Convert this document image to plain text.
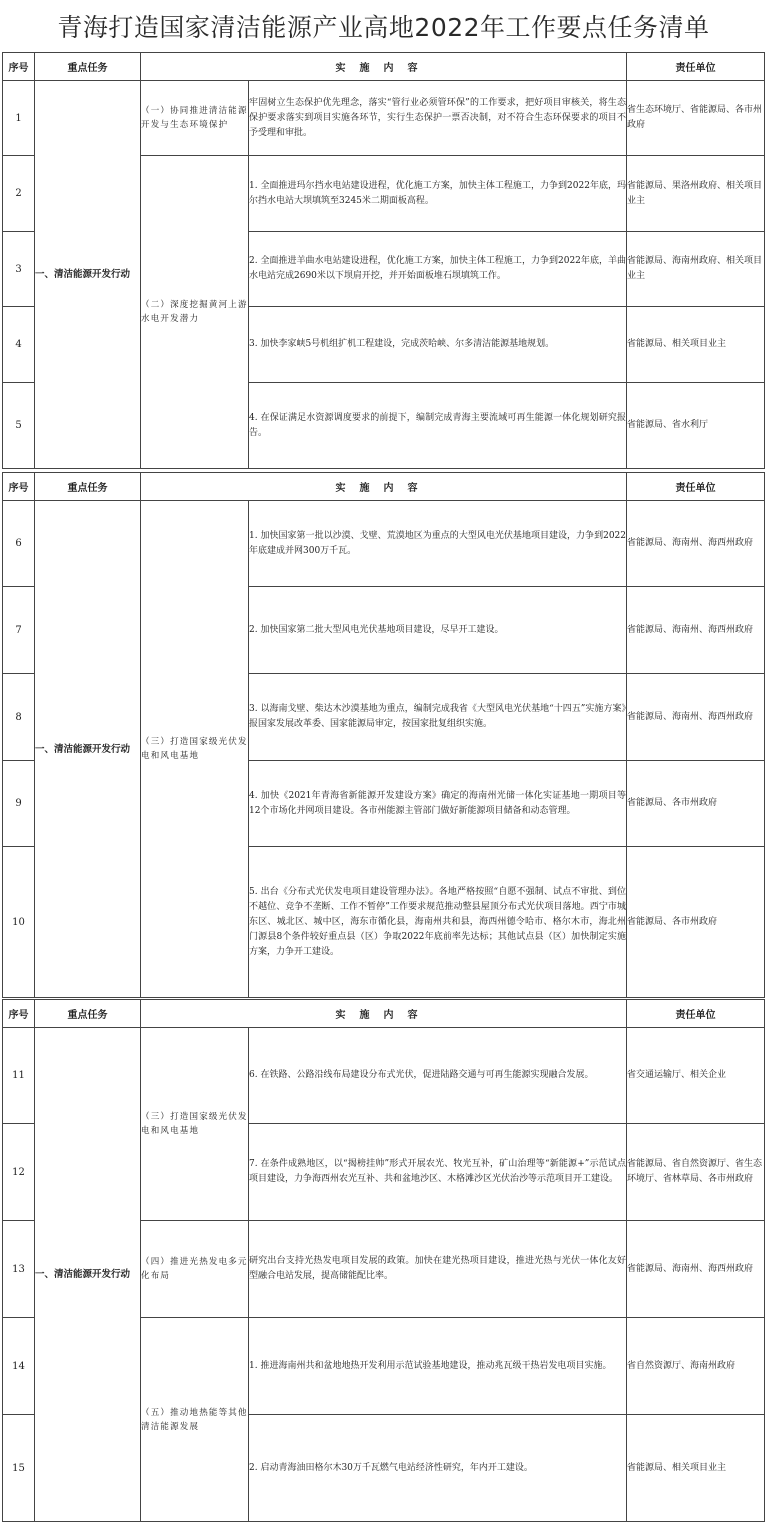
青海打造国家清洁能源产业高地2022年工作要点任务清单
序号	重点任务	实施内容		责任单位
1	一、清洁能源开发行动	（一）协同推进清洁能源开发与生态环境保护	牢固树立生态保护优先理念，落实“管行业必须管环保”的工作要求，把好项目审核关，将生态保护要求落实到项目实施各环节，实行生态保护一票否决制，对不符合生态环保要求的项目不予受理和审批。	省生态环境厅、省能源局、各市州政府
2		（二）深度挖掘黄河上游水电开发潜力	1. 全面推进玛尔挡水电站建设进程，优化施工方案，加快主体工程施工，力争到2022年底，玛尔挡水电站大坝填筑至3245米二期面板高程。	省能源局、果洛州政府、相关项目业主
3			2. 全面推进羊曲水电站建设进程，优化施工方案，加快主体工程施工，力争到2022年底，羊曲水电站完成2690米以下坝肩开挖，并开始面板堆石坝填筑工作。	省能源局、海南州政府、相关项目业主
4			3. 加快李家峡5号机组扩机工程建设，完成茨哈峡、尔多清洁能源基地规划。	省能源局、相关项目业主
5			4. 在保证满足水资源调度要求的前提下，编制完成青海主要流域可再生能源一体化规划研究报告。	省能源局、省水利厅
序号	重点任务	实施内容		责任单位
6	一、清洁能源开发行动	（三）打造国家级光伏发电和风电基地	1. 加快国家第一批以沙漠、戈壁、荒漠地区为重点的大型风电光伏基地项目建设，力争到2022年底建成并网300万千瓦。	省能源局、海南州、海西州政府
7			2. 加快国家第二批大型风电光伏基地项目建设，尽早开工建设。	省能源局、海南州、海西州政府
8			3. 以海南戈壁、柴达木沙漠基地为重点，编制完成我省《大型风电光伏基地“十四五”实施方案》报国家发展改革委、国家能源局审定，按国家批复组织实施。	省能源局、海南州、海西州政府
9			4. 加快《2021年青海省新能源开发建设方案》确定的海南州光储一体化实证基地一期项目等12个市场化并网项目建设。各市州能源主管部门做好新能源项目储备和动态管理。	省能源局、各市州政府
10			5. 出台《分布式光伏发电项目建设管理办法》。各地严格按照“自愿不强制、试点不审批、到位不越位、竞争不垄断、工作不暂停”工作要求规范推动整县屋顶分布式光伏项目落地。西宁市城东区、城北区、城中区，海东市循化县，海南州共和县，海西州德令哈市、格尔木市，海北州门源县8个条件较好重点县（区）争取2022年底前率先达标；其他试点县（区）加快制定实施方案，力争开工建设。	省能源局、各市州政府
序号	重点任务	实施内容		责任单位
11	一、清洁能源开发行动	（三）打造国家级光伏发电和风电基地	6. 在铁路、公路沿线布局建设分布式光伏，促进陆路交通与可再生能源实现融合发展。	省交通运输厅、相关企业
12			7. 在条件成熟地区，以“揭榜挂帅”形式开展农光、牧光互补，矿山治理等“新能源+”示范试点项目建设，力争海西州农光互补、共和盆地沙区、木格滩沙区光伏治沙等示范项目开工建设。	省能源局、省自然资源厅、省生态环境厅、省林草局、各市州政府
13		（四）推进光热发电多元化布局	研究出台支持光热发电项目发展的政策。加快在建光热项目建设，推进光热与光伏一体化友好型融合电站发展，提高储能配比率。	省能源局、海南州、海西州政府
14		（五）推动地热能等其他清洁能源发展	1. 推进海南州共和盆地地热开发利用示范试验基地建设，推动兆瓦级干热岩发电项目实施。	省自然资源厅、海南州政府
15			2. 启动青海油田格尔木30万千瓦燃气电站经济性研究，年内开工建设。	省能源局、相关项目业主
